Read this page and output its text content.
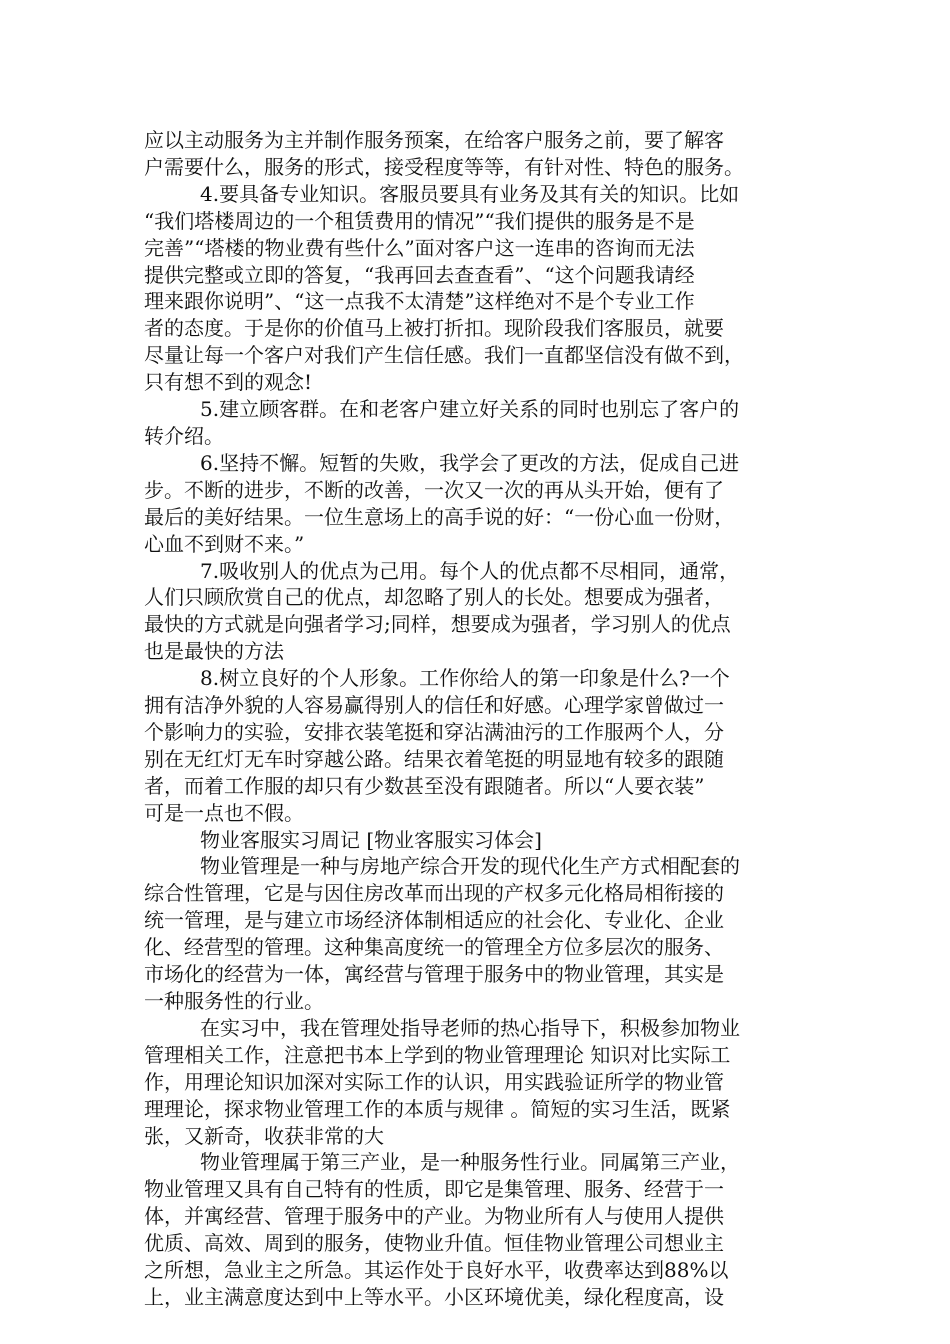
应以主动服务为主并制作服务预案，在给客户服务之前，要了解客
户需要什么，服务的形式，接受程度等等，有针对性、特色的服务。
4.要具备专业知识。客服员要具有业务及其有关的知识。比如
“我们塔楼周边的一个租赁费用的情况”“我们提供的服务是不是
完善”“塔楼的物业费有些什么”面对客户这一连串的咨询而无法
提供完整或立即的答复，“我再回去查查看”、“这个问题我请经
理来跟你说明”、“这一点我不太清楚”这样绝对不是个专业工作
者的态度。于是你的价值马上被打折扣。现阶段我们客服员，就要
尽量让每一个客户对我们产生信任感。我们一直都坚信没有做不到，
只有想不到的观念!
5.建立顾客群。在和老客户建立好关系的同时也别忘了客户的
转介绍。
6.坚持不懈。短暂的失败，我学会了更改的方法，促成自己进
步。不断的进步，不断的改善，一次又一次的再从头开始，便有了
最后的美好结果。一位生意场上的高手说的好：“一份心血一份财，
心血不到财不来。”
7.吸收别人的优点为己用。每个人的优点都不尽相同，通常，
人们只顾欣赏自己的优点，却忽略了别人的长处。想要成为强者，
最快的方式就是向强者学习;同样，想要成为强者，学习别人的优点
也是最快的方法
8.树立良好的个人形象。工作你给人的第一印象是什么?一个
拥有洁净外貌的人容易赢得别人的信任和好感。心理学家曾做过一
个影响力的实验，安排衣装笔挺和穿沾满油污的工作服两个人，分
别在无红灯无车时穿越公路。结果衣着笔挺的明显地有较多的跟随
者，而着工作服的却只有少数甚至没有跟随者。所以“人要衣装”
可是一点也不假。
物业客服实习周记 [物业客服实习体会]
物业管理是一种与房地产综合开发的现代化生产方式相配套的
综合性管理，它是与因住房改革而出现的产权多元化格局相衔接的
统一管理，是与建立市场经济体制相适应的社会化、专业化、企业
化、经营型的管理。这种集高度统一的管理全方位多层次的服务、
市场化的经营为一体，寓经营与管理于服务中的物业管理，其实是
一种服务性的行业。
在实习中，我在管理处指导老师的热心指导下，积极参加物业
管理相关工作，注意把书本上学到的物业管理理论 知识对比实际工
作，用理论知识加深对实际工作的认识，用实践验证所学的物业管
理理论，探求物业管理工作的本质与规律 。简短的实习生活，既紧
张，又新奇，收获非常的大
物业管理属于第三产业，是一种服务性行业。同属第三产业，
物业管理又具有自己特有的性质，即它是集管理、服务、经营于一
体，并寓经营、管理于服务中的产业。为物业所有人与使用人提供
优质、高效、周到的服务，使物业升值。恒佳物业管理公司想业主
之所想，急业主之所急。其运作处于良好水平，收费率达到88%以
上，业主满意度达到中上等水平。小区环境优美，绿化程度高，设
